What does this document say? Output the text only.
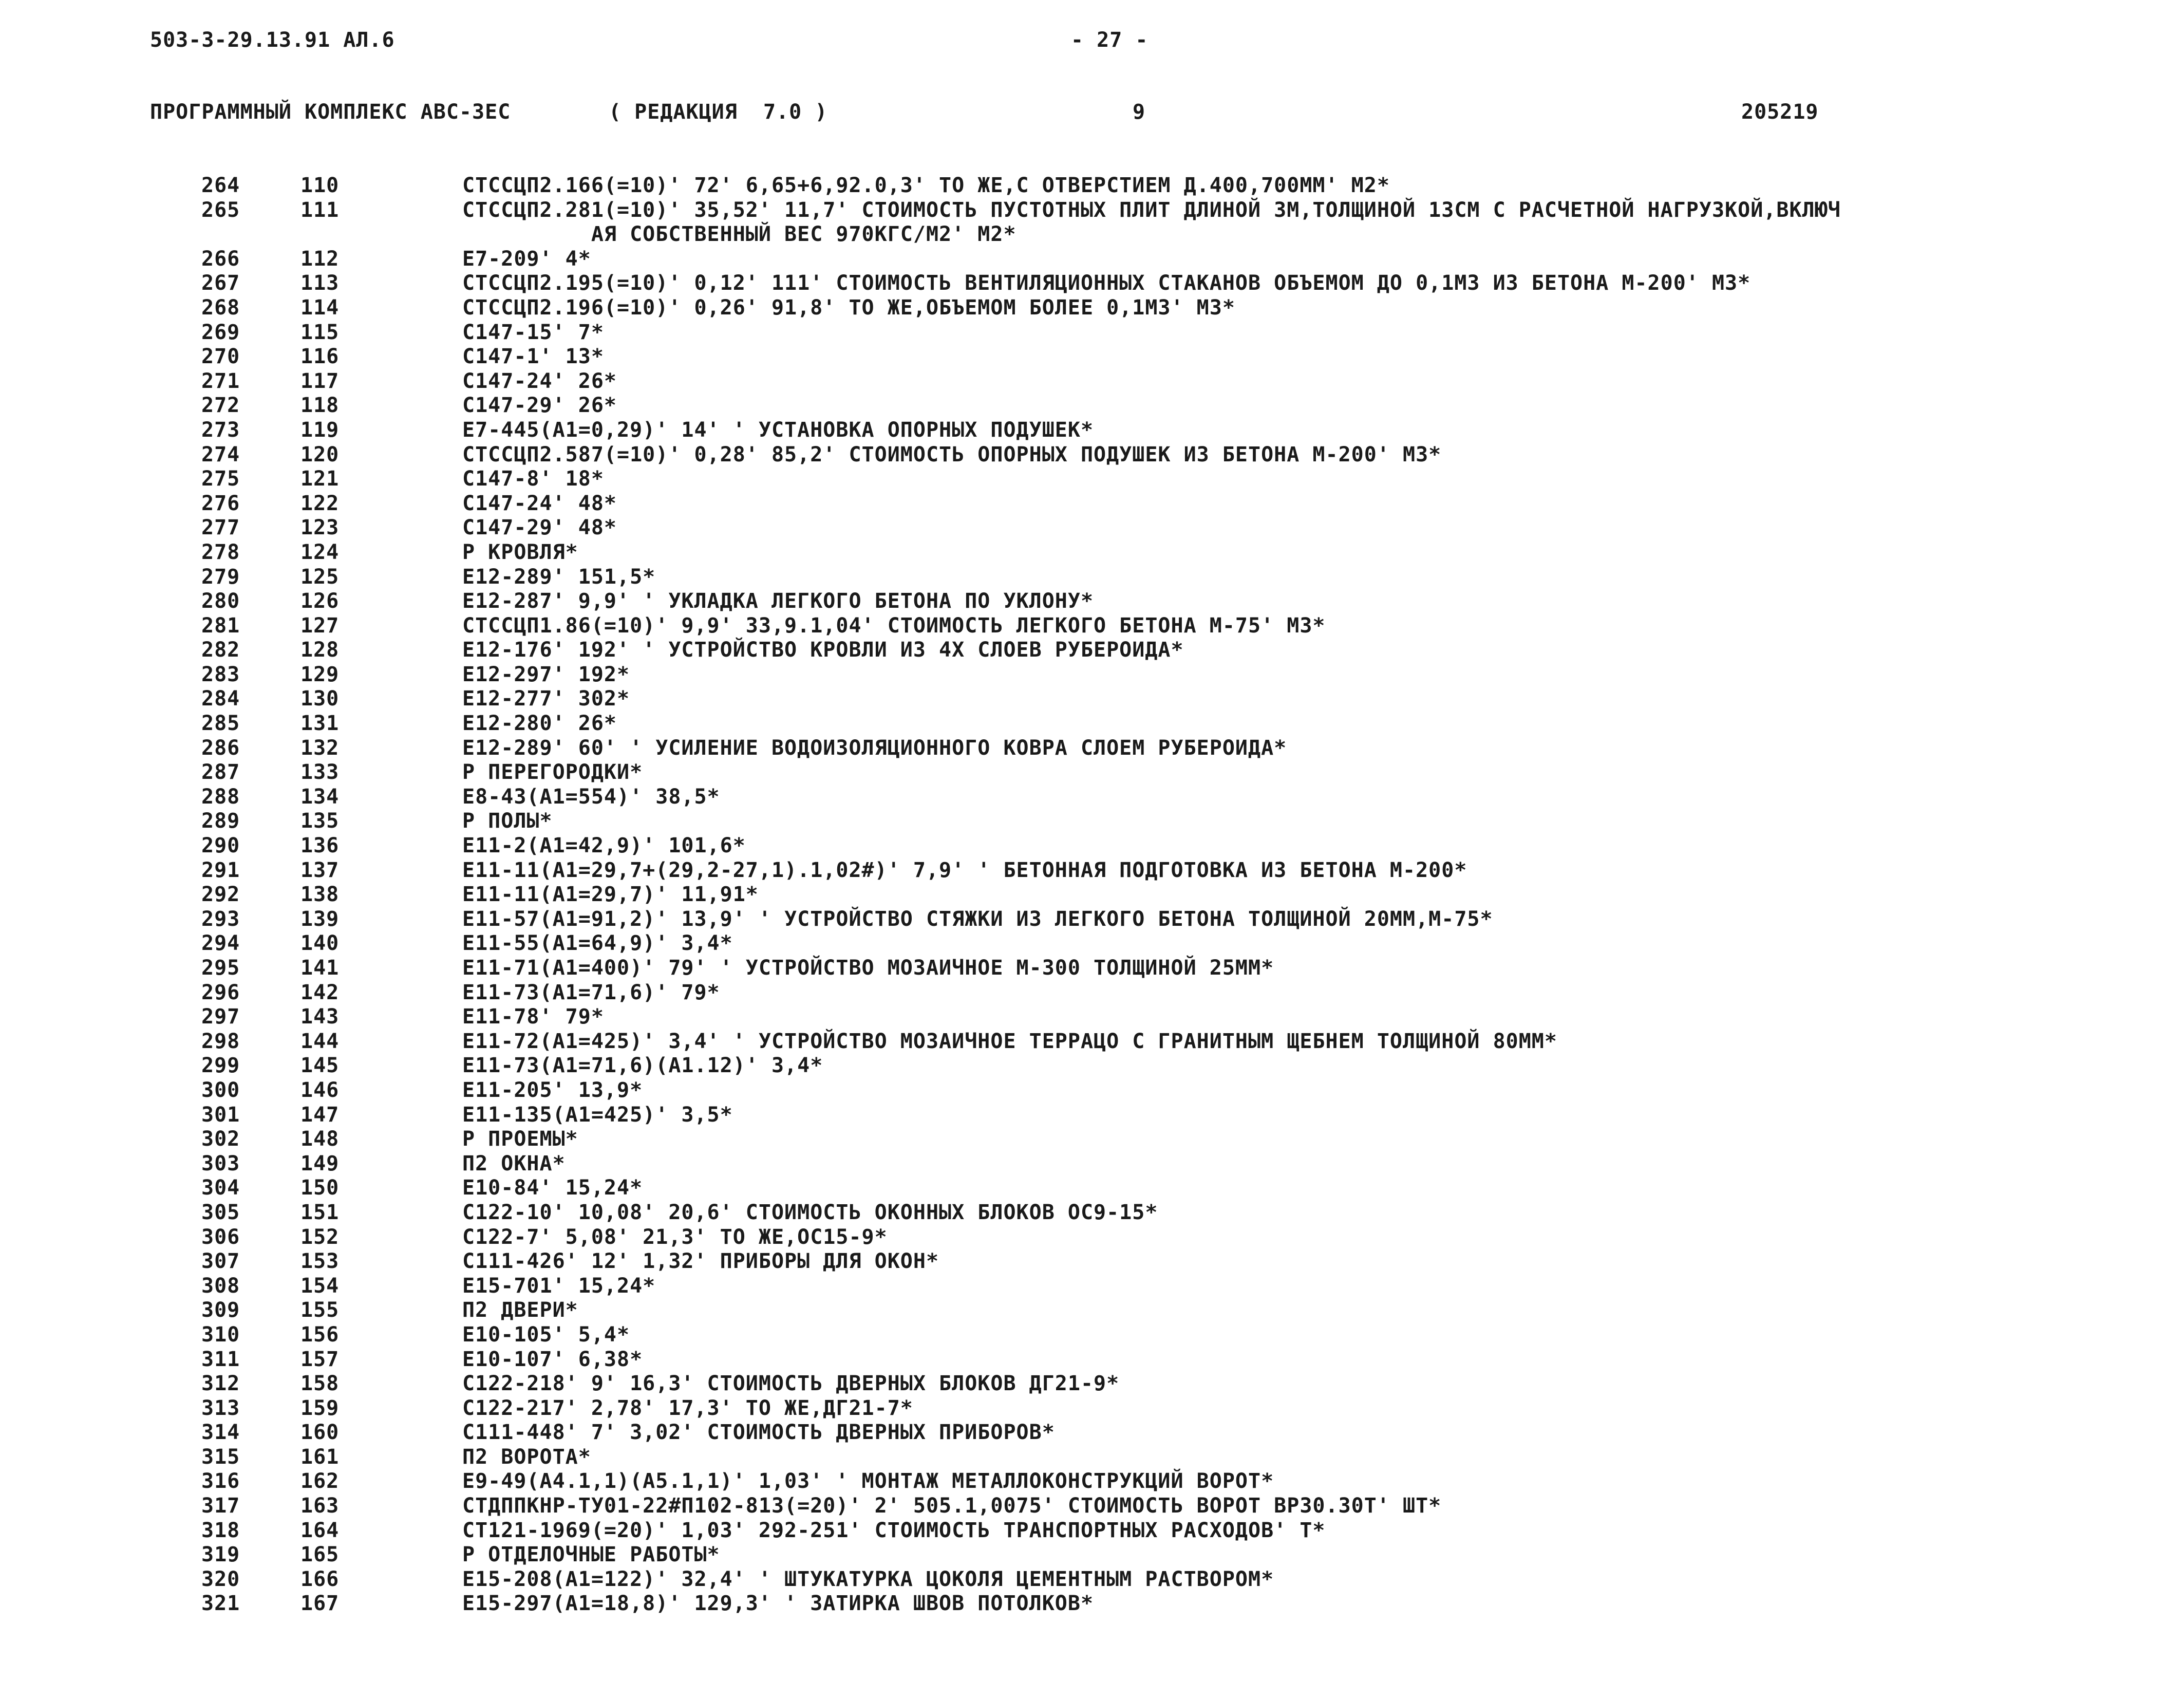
503-3-29.13.91 АЛ.6	- 27 -
ПРОГРАММНЫЙ КОМПЛЕКС АВС-3ЕС	( РЕДАКЦИЯ  7.0 )	9	205219
264	110	СТССЦП2.166(=10)' 72' 6,65+6,92.0,3' ТО ЖЕ,С ОТВЕРСТИЕМ Д.400,700ММ' М2*
265	111	СТССЦП2.281(=10)' 35,52' 11,7' СТОИМОСТЬ ПУСТОТНЫХ ПЛИТ ДЛИНОЙ 3М,ТОЛЩИНОЙ 13СМ С РАСЧЕТНОЙ НАГРУЗКОЙ,ВКЛЮЧ
АЯ СОБСТВЕННЫЙ ВЕС 970КГС/М2' М2*
266	112	Е7-209' 4*
267	113	СТССЦП2.195(=10)' 0,12' 111' СТОИМОСТЬ ВЕНТИЛЯЦИОННЫХ СТАКАНОВ ОБЪЕМОМ ДО 0,1М3 ИЗ БЕТОНА М-200' М3*
268	114	СТССЦП2.196(=10)' 0,26' 91,8' ТО ЖЕ,ОБЪЕМОМ БОЛЕЕ 0,1М3' М3*
269	115	С147-15' 7*
270	116	С147-1' 13*
271	117	С147-24' 26*
272	118	С147-29' 26*
273	119	Е7-445(А1=0,29)' 14' ' УСТАНОВКА ОПОРНЫХ ПОДУШЕК*
274	120	СТССЦП2.587(=10)' 0,28' 85,2' СТОИМОСТЬ ОПОРНЫХ ПОДУШЕК ИЗ БЕТОНА М-200' М3*
275	121	С147-8' 18*
276	122	С147-24' 48*
277	123	С147-29' 48*
278	124	Р КРОВЛЯ*
279	125	Е12-289' 151,5*
280	126	Е12-287' 9,9' ' УКЛАДКА ЛЕГКОГО БЕТОНА ПО УКЛОНУ*
281	127	СТССЦП1.86(=10)' 9,9' 33,9.1,04' СТОИМОСТЬ ЛЕГКОГО БЕТОНА М-75' М3*
282	128	Е12-176' 192' ' УСТРОЙСТВО КРОВЛИ ИЗ 4Х СЛОЕВ РУБЕРОИДА*
283	129	Е12-297' 192*
284	130	Е12-277' 302*
285	131	Е12-280' 26*
286	132	Е12-289' 60' ' УСИЛЕНИЕ ВОДОИЗОЛЯЦИОННОГО КОВРА СЛОЕМ РУБЕРОИДА*
287	133	Р ПЕРЕГОРОДКИ*
288	134	Е8-43(А1=554)' 38,5*
289	135	Р ПОЛЫ*
290	136	Е11-2(А1=42,9)' 101,6*
291	137	Е11-11(А1=29,7+(29,2-27,1).1,02#)' 7,9' ' БЕТОННАЯ ПОДГОТОВКА ИЗ БЕТОНА М-200*
292	138	Е11-11(А1=29,7)' 11,91*
293	139	Е11-57(А1=91,2)' 13,9' ' УСТРОЙСТВО СТЯЖКИ ИЗ ЛЕГКОГО БЕТОНА ТОЛЩИНОЙ 20ММ,М-75*
294	140	Е11-55(А1=64,9)' 3,4*
295	141	Е11-71(А1=400)' 79' ' УСТРОЙСТВО МОЗАИЧНОЕ М-300 ТОЛЩИНОЙ 25ММ*
296	142	Е11-73(А1=71,6)' 79*
297	143	Е11-78' 79*
298	144	Е11-72(А1=425)' 3,4' ' УСТРОЙСТВО МОЗАИЧНОЕ ТЕРРАЦО С ГРАНИТНЫМ ЩЕБНЕМ ТОЛЩИНОЙ 80ММ*
299	145	Е11-73(А1=71,6)(А1.12)' 3,4*
300	146	Е11-205' 13,9*
301	147	Е11-135(А1=425)' 3,5*
302	148	Р ПРОЕМЫ*
303	149	П2 ОКНА*
304	150	Е10-84' 15,24*
305	151	С122-10' 10,08' 20,6' СТОИМОСТЬ ОКОННЫХ БЛОКОВ ОС9-15*
306	152	С122-7' 5,08' 21,3' ТО ЖЕ,ОС15-9*
307	153	С111-426' 12' 1,32' ПРИБОРЫ ДЛЯ ОКОН*
308	154	Е15-701' 15,24*
309	155	П2 ДВЕРИ*
310	156	Е10-105' 5,4*
311	157	Е10-107' 6,38*
312	158	С122-218' 9' 16,3' СТОИМОСТЬ ДВЕРНЫХ БЛОКОВ ДГ21-9*
313	159	С122-217' 2,78' 17,3' ТО ЖЕ,ДГ21-7*
314	160	С111-448' 7' 3,02' СТОИМОСТЬ ДВЕРНЫХ ПРИБОРОВ*
315	161	П2 ВОРОТА*
316	162	Е9-49(А4.1,1)(А5.1,1)' 1,03' ' МОНТАЖ МЕТАЛЛОКОНСТРУКЦИЙ ВОРОТ*
317	163	СТДППКНР-ТУ01-22#П102-813(=20)' 2' 505.1,0075' СТОИМОСТЬ ВОРОТ ВР30.30Т' ШТ*
318	164	СТ121-1969(=20)' 1,03' 292-251' СТОИМОСТЬ ТРАНСПОРТНЫХ РАСХОДОВ' Т*
319	165	Р ОТДЕЛОЧНЫЕ РАБОТЫ*
320	166	Е15-208(А1=122)' 32,4' ' ШТУКАТУРКА ЦОКОЛЯ ЦЕМЕНТНЫМ РАСТВОРОМ*
321	167	Е15-297(А1=18,8)' 129,3' ' ЗАТИРКА ШВОВ ПОТОЛКОВ*
